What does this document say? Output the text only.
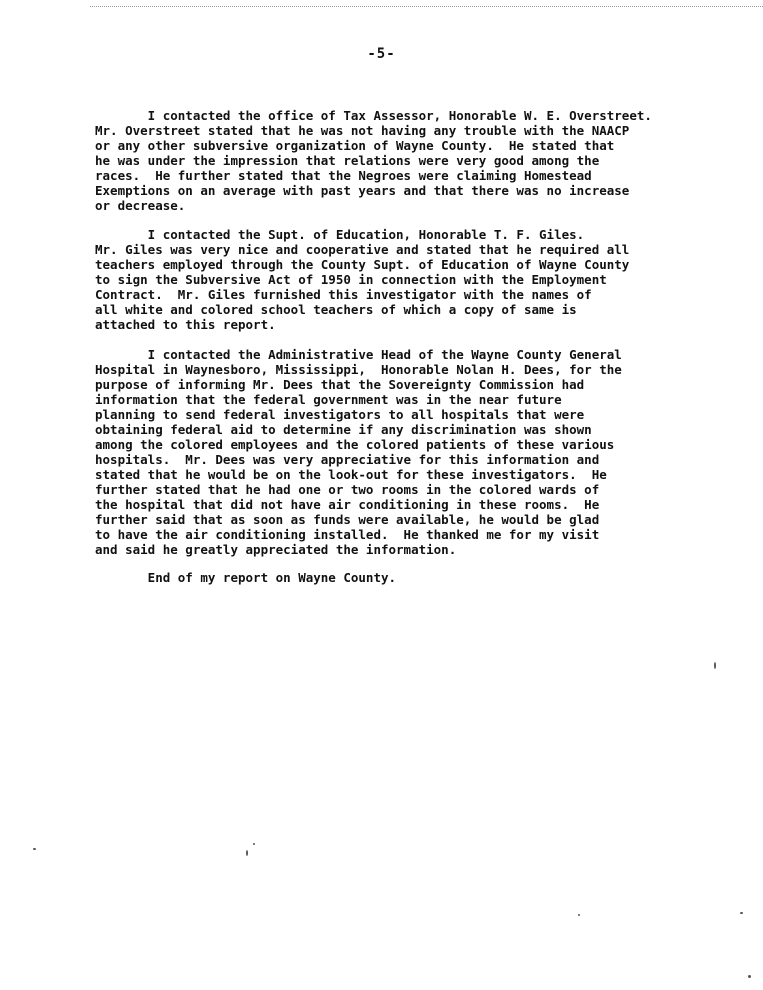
-5-
I contacted the office of Tax Assessor, Honorable W. E. Overstreet.
Mr. Overstreet stated that he was not having any trouble with the NAACP
or any other subversive organization of Wayne County.  He stated that
he was under the impression that relations were very good among the
races.  He further stated that the Negroes were claiming Homestead
Exemptions on an average with past years and that there was no increase
or decrease.
I contacted the Supt. of Education, Honorable T. F. Giles.
Mr. Giles was very nice and cooperative and stated that he required all
teachers employed through the County Supt. of Education of Wayne County
to sign the Subversive Act of 1950 in connection with the Employment
Contract.  Mr. Giles furnished this investigator with the names of
all white and colored school teachers of which a copy of same is
attached to this report.
I contacted the Administrative Head of the Wayne County General
Hospital in Waynesboro, Mississippi,  Honorable Nolan H. Dees, for the
purpose of informing Mr. Dees that the Sovereignty Commission had
information that the federal government was in the near future
planning to send federal investigators to all hospitals that were
obtaining federal aid to determine if any discrimination was shown
among the colored employees and the colored patients of these various
hospitals.  Mr. Dees was very appreciative for this information and
stated that he would be on the look-out for these investigators.  He
further stated that he had one or two rooms in the colored wards of
the hospital that did not have air conditioning in these rooms.  He
further said that as soon as funds were available, he would be glad
to have the air conditioning installed.  He thanked me for my visit
and said he greatly appreciated the information.
End of my report on Wayne County.
